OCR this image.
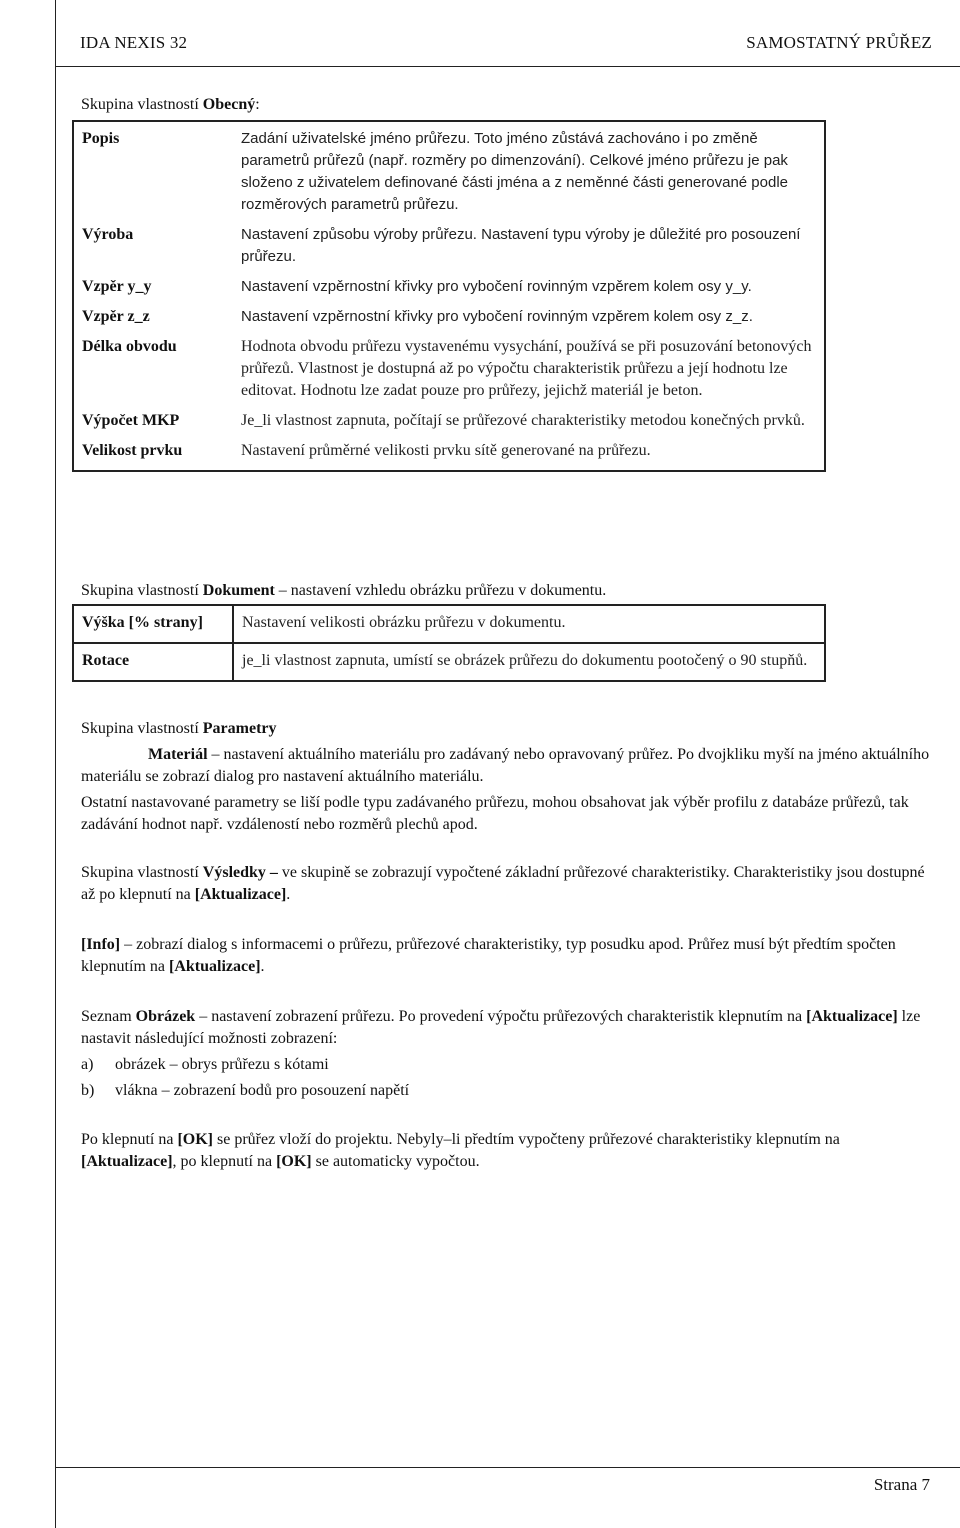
IDA NEXIS 32	SAMOSTATNÝ PRŮŘEZ

Skupina vlastností Obecný:

Popis	Zadání uživatelské jméno průřezu. Toto jméno zůstává zachováno i po změně parametrů průřezů (např. rozměry po dimenzování). Celkové jméno průřezu je pak složeno z uživatelem definované části jména a z neměnné části generované podle rozměrových parametrů průřezu.
Výroba	Nastavení způsobu výroby průřezu. Nastavení typu výroby je důležité pro posouzení průřezu.
Vzpěr y_y	Nastavení vzpěrnostní křivky pro vybočení rovinným vzpěrem kolem osy y_y.
Vzpěr z_z	Nastavení vzpěrnostní křivky pro vybočení rovinným vzpěrem kolem osy z_z.
Délka obvodu	Hodnota obvodu průřezu vystavenému vysychání, používá se při posuzování betonových průřezů. Vlastnost je dostupná až po výpočtu charakteristik průřezu a její hodnotu lze editovat. Hodnotu lze zadat pouze pro průřezy, jejichž materiál je beton.
Výpočet MKP	Je_li vlastnost zapnuta, počítají se průřezové charakteristiky metodou konečných prvků.
Velikost prvku	Nastavení průměrné velikosti prvku sítě generované na průřezu.

Skupina vlastností Dokument – nastavení vzhledu obrázku průřezu v dokumentu.

Výška [% strany]	Nastavení velikosti obrázku průřezu v dokumentu.
Rotace	je_li vlastnost zapnuta, umístí se obrázek průřezu do dokumentu pootočený o 90 stupňů.

Skupina vlastností Parametry

Materiál – nastavení aktuálního materiálu pro zadávaný nebo opravovaný průřez. Po dvojkliku myší na jméno aktuálního materiálu se zobrazí dialog pro nastavení aktuálního materiálu.

Ostatní nastavované parametry se liší podle typu zadávaného průřezu, mohou obsahovat jak výběr profilu z databáze průřezů, tak zadávání hodnot např. vzdáleností nebo rozměrů plechů apod.

Skupina vlastností Výsledky – ve skupině se zobrazují vypočtené základní průřezové charakteristiky. Charakteristiky jsou dostupné až po klepnutí na [Aktualizace].

[Info] – zobrazí dialog s informacemi o průřezu, průřezové charakteristiky, typ posudku apod. Průřez musí být předtím spočten klepnutím na [Aktualizace].

Seznam Obrázek – nastavení zobrazení průřezu. Po provedení výpočtu průřezových charakteristik klepnutím na [Aktualizace] lze nastavit následující možnosti zobrazení:

a)	obrázek – obrys průřezu s kótami
b)	vlákna – zobrazení bodů pro posouzení napětí

Po klepnutí na [OK] se průřez vloží do projektu. Nebyly–li předtím vypočteny průřezové charakteristiky klepnutím na [Aktualizace], po klepnutí na [OK] se automaticky vypočtou.

Strana 7
